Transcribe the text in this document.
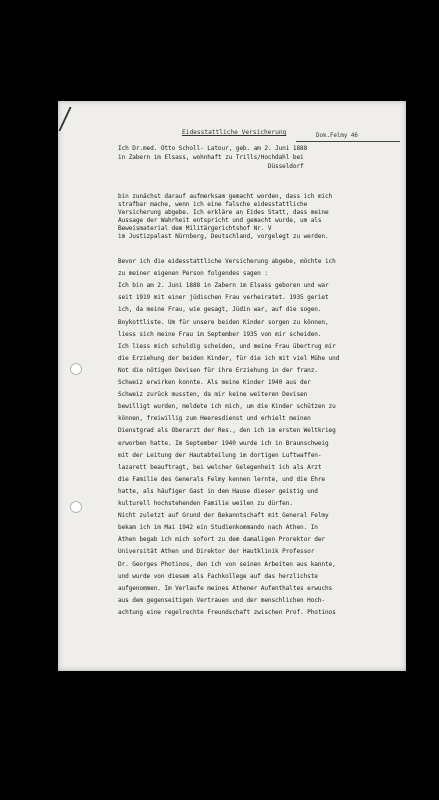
Eidesstattliche Versicherung	Dok.Felmy 46
Ich Dr.med. Otto Scholl- Latour, geb. am 2. Juni 1888
in Zabern im Elsass, wohnhaft zu Trills/Hochdahl bei
Düsseldorf
bin zunächst darauf aufmerksam gemacht worden, dass ich mich
strafbar mache, wenn ich eine falsche eidesstattliche
Versicherung abgebe. Ich erkläre an Eides Statt, dass meine
Aussage der Wahrheit entspricht und gemacht wurde, um als
Beweismaterial dem Militärgerichtshof Nr. V
im Justizpalast Nürnberg, Deutschland, vorgelegt zu werden.
Bevor ich die eidesstattliche Versicherung abgebe, möchte ich
zu meiner eigenen Person folgendes sagen :
Ich bin am 2. Juni 1888 in Zabern im Elsass geboren und war
seit 1919 mit einer jüdischen Frau verheiratet. 1935 geriet
ich, da meine Frau, wie gesagt, Jüdin war, auf die sogen.
Boykottliste. Um für unsere beiden Kinder sorgen zu können,
liess sich meine Frau im September 1935 von mir scheiden.
Ich liess mich schuldig scheiden, und meine Frau übertrug mir
die Erziehung der beiden Kinder, für die ich mit viel Mühe und
Not die nötigen Devisen für ihre Erziehung in der franz.
Schweiz erwirken konnte. Als meine Kinder 1940 aus der
Schweiz zurück mussten, da mir keine weiteren Devisen
bewilligt wurden, meldete ich mich, um die Kinder schützen zu
können, freiwillig zum Heeresdienst und erhielt meinen
Dienstgrad als Oberarzt der Res., den ich im ersten Weltkrieg
erworben hatte. Im September 1940 wurde ich in Braunschweig
mit der Leitung der Hautabteilung im dortigen Luftwaffen-
lazarett beauftragt, bei welcher Gelegenheit ich als Arzt
die Familie des Generals Felmy kennen lernte, und die Ehre
hatte, als häufiger Gast in dem Hause dieser geistig und
kulturell hochstehenden Familie weilen zu dürfen.
Nicht zuletzt auf Grund der Bekanntschaft mit General Felmy
bekam ich im Mai 1942 ein Studienkommando nach Athen. In
Athen begab ich mich sofort zu dem damaligen Prorektor der
Universität Athen und Direktor der Hautklinik Professor
Dr. Georges Photinos, den ich von seinen Arbeiten aus kannte,
und wurde von diesem als Fachkollege auf das herzlichste
aufgenommen. Im Verlaufe meines Athener Aufenthaltes erwuchs
aus dem gegenseitigen Vertrauen und der menschlichen Hoch-
achtung eine regelrechte Freundschaft zwischen Prof. Photinos
